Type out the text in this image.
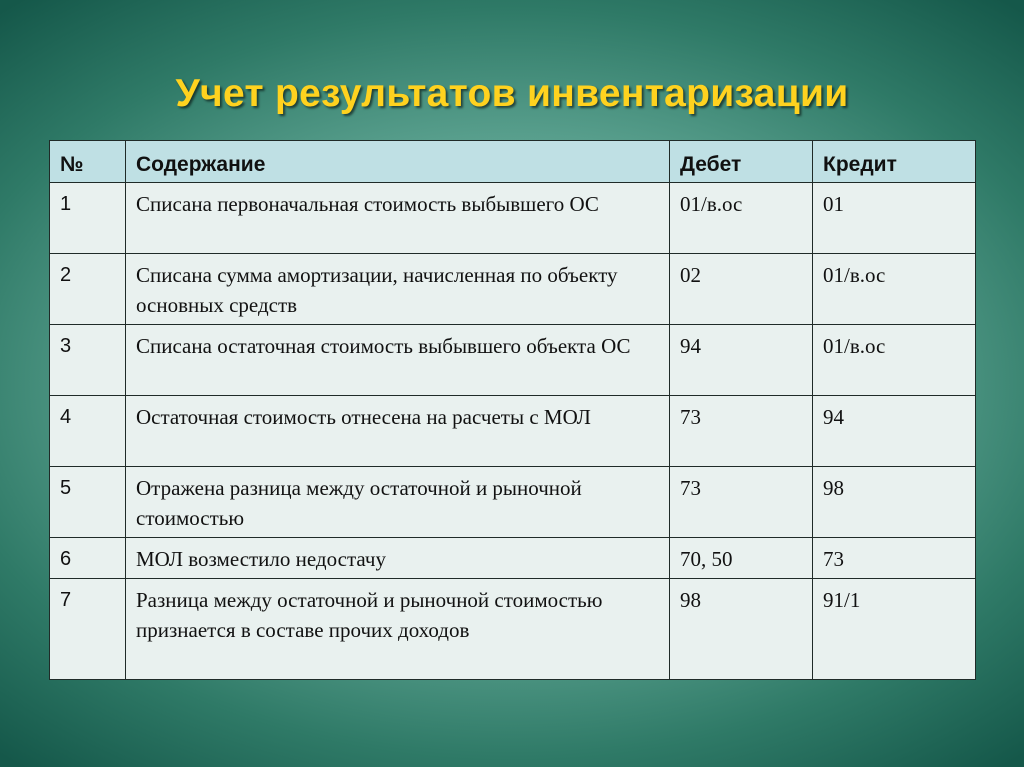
Учет результатов инвентаризации
№	Содержание	Дебет	Кредит
1	Списана первоначальная стоимость выбывшего ОС	01/в.ос	01
2	Списана сумма амортизации, начисленная по объекту основных средств	02	01/в.ос
3	Списана остаточная стоимость выбывшего объекта ОС	94	01/в.ос
4	Остаточная стоимость отнесена на расчеты с МОЛ	73	94
5	Отражена разница между остаточной и рыночной стоимостью	73	98
6	МОЛ возместило недостачу	70, 50	73
7	Разница между остаточной и рыночной стоимостью признается в составе прочих доходов	98	91/1
